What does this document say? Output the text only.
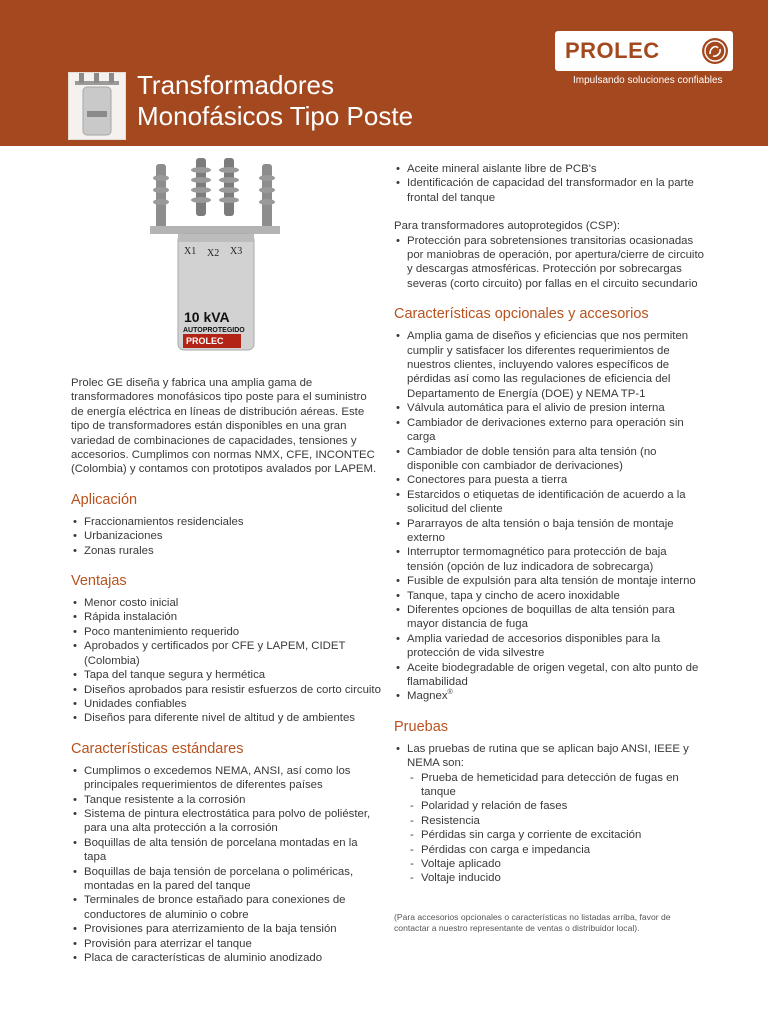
Transformadores
Monofásicos Tipo Poste
PROLEC
Impulsando soluciones confiables
X1 X2 X3
10 kVA
AUTOPROTEGIDO
PROLEC

Prolec GE diseña y fabrica una amplia gama de transformadores monofásicos tipo poste para el suministro de energía eléctrica en líneas de distribución aéreas. Este tipo de transformadores están disponibles en una gran variedad de combinaciones de capacidades, tensiones y accesorios. Cumplimos con normas NMX, CFE, INCONTEC (Colombia) y contamos con prototipos avalados por LAPEM.

Aplicación
• Fraccionamientos residenciales
• Urbanizaciones
• Zonas rurales
Ventajas
• Menor costo inicial
• Rápida instalación
• Poco mantenimiento requerido
• Aprobados y certificados por CFE y LAPEM, CIDET (Colombia)
• Tapa del tanque segura y hermética
• Diseños aprobados para resistir esfuerzos de corto circuito
• Unidades confiables
• Diseños para diferente nivel de altitud y de ambientes
Características estándares
• Cumplimos o excedemos NEMA, ANSI, así como los principales requerimientos de diferentes países
• Tanque resistente a la corrosión
• Sistema de pintura electrostática para polvo de poliéster, para una alta protección a la corrosión
• Boquillas de alta tensión de porcelana montadas en la tapa
• Boquillas de baja tensión de porcelana o poliméricas, montadas en la pared del tanque
• Terminales de bronce estañado para conexiones de conductores de aluminio o cobre
• Provisiones para aterrizamiento de la baja tensión
• Provisión para aterrizar el tanque
• Placa de características de aluminio anodizado
• Aceite mineral aislante libre de PCB's
• Identificación de capacidad del transformador en la parte frontal del tanque

Para transformadores autoprotegidos (CSP):

• Protección para sobretensiones transitorias ocasionadas por maniobras de operación, por apertura/cierre de circuito y descargas atmosféricas. Protección por sobrecargas severas (corto circuito) por fallas en el circuito secundario
Características opcionales y accesorios
• Amplia gama de diseños y eficiencias que nos permiten cumplir y satisfacer los diferentes requerimientos de nuestros clientes, incluyendo valores específicos de pérdidas así como las regulaciones de eficiencia del Departamento de Energía (DOE) y NEMA TP-1
• Válvula automática para el alivio de presion interna
• Cambiador de derivaciones externo para operación sin carga
• Cambiador de doble tensión para alta tensión (no disponible con cambiador de derivaciones)
• Conectores para puesta a tierra
• Estarcidos o etiquetas de identificación de acuerdo a la solicitud del cliente
• Pararrayos de alta tensión o baja tensión de montaje externo
• Interruptor termomagnético para protección de baja tensión (opción de luz indicadora de sobrecarga)
• Fusible de expulsión para alta tensión de montaje interno
• Tanque, tapa y cincho de acero inoxidable
• Diferentes opciones de boquillas de alta tensión para mayor distancia de fuga
• Amplia variedad de accesorios disponibles para la protección de vida silvestre
• Aceite biodegradable de origen vegetal, con alto punto de flamabilidad
• Magnex®
Pruebas
• Las pruebas de rutina que se aplican bajo ANSI, IEEE y NEMA son:
- Prueba de hemeticidad para detección de fugas en tanque
- Polaridad y relación de fases
- Resistencia
- Pérdidas sin carga y corriente de excitación
- Pérdidas con carga e impedancia
- Voltaje aplicado
- Voltaje inducido
(Para accesorios opcionales o características no listadas arriba, favor de contactar a nuestro representante de ventas o distribuidor local).
